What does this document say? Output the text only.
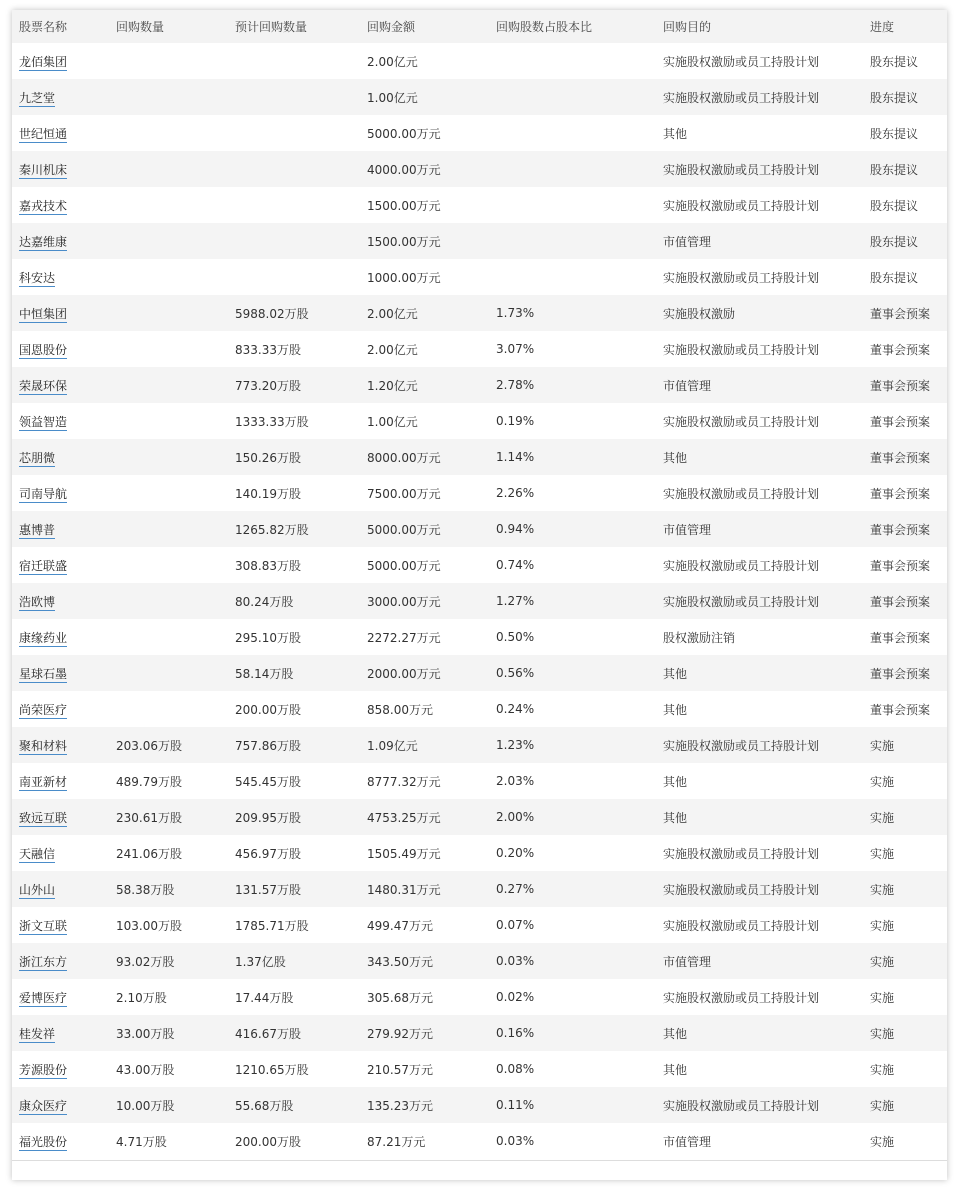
股票名称	回购数量	预计回购数量	回购金额	回购股数占股本比	回购目的	进度
龙佰集团			2.00亿元		实施股权激励或员工持股计划	股东提议
九芝堂			1.00亿元		实施股权激励或员工持股计划	股东提议
世纪恒通			5000.00万元		其他	股东提议
秦川机床			4000.00万元		实施股权激励或员工持股计划	股东提议
嘉戎技术			1500.00万元		实施股权激励或员工持股计划	股东提议
达嘉维康			1500.00万元		市值管理	股东提议
科安达			1000.00万元		实施股权激励或员工持股计划	股东提议
中恒集团		5988.02万股	2.00亿元	1.73%	实施股权激励	董事会预案
国恩股份		833.33万股	2.00亿元	3.07%	实施股权激励或员工持股计划	董事会预案
荣晟环保		773.20万股	1.20亿元	2.78%	市值管理	董事会预案
领益智造		1333.33万股	1.00亿元	0.19%	实施股权激励或员工持股计划	董事会预案
芯朋微		150.26万股	8000.00万元	1.14%	其他	董事会预案
司南导航		140.19万股	7500.00万元	2.26%	实施股权激励或员工持股计划	董事会预案
惠博普		1265.82万股	5000.00万元	0.94%	市值管理	董事会预案
宿迁联盛		308.83万股	5000.00万元	0.74%	实施股权激励或员工持股计划	董事会预案
浩欧博		80.24万股	3000.00万元	1.27%	实施股权激励或员工持股计划	董事会预案
康缘药业		295.10万股	2272.27万元	0.50%	股权激励注销	董事会预案
星球石墨		58.14万股	2000.00万元	0.56%	其他	董事会预案
尚荣医疗		200.00万股	858.00万元	0.24%	其他	董事会预案
聚和材料	203.06万股	757.86万股	1.09亿元	1.23%	实施股权激励或员工持股计划	实施
南亚新材	489.79万股	545.45万股	8777.32万元	2.03%	其他	实施
致远互联	230.61万股	209.95万股	4753.25万元	2.00%	其他	实施
天融信	241.06万股	456.97万股	1505.49万元	0.20%	实施股权激励或员工持股计划	实施
山外山	58.38万股	131.57万股	1480.31万元	0.27%	实施股权激励或员工持股计划	实施
浙文互联	103.00万股	1785.71万股	499.47万元	0.07%	实施股权激励或员工持股计划	实施
浙江东方	93.02万股	1.37亿股	343.50万元	0.03%	市值管理	实施
爱博医疗	2.10万股	17.44万股	305.68万元	0.02%	实施股权激励或员工持股计划	实施
桂发祥	33.00万股	416.67万股	279.92万元	0.16%	其他	实施
芳源股份	43.00万股	1210.65万股	210.57万元	0.08%	其他	实施
康众医疗	10.00万股	55.68万股	135.23万元	0.11%	实施股权激励或员工持股计划	实施
福光股份	4.71万股	200.00万股	87.21万元	0.03%	市值管理	实施
